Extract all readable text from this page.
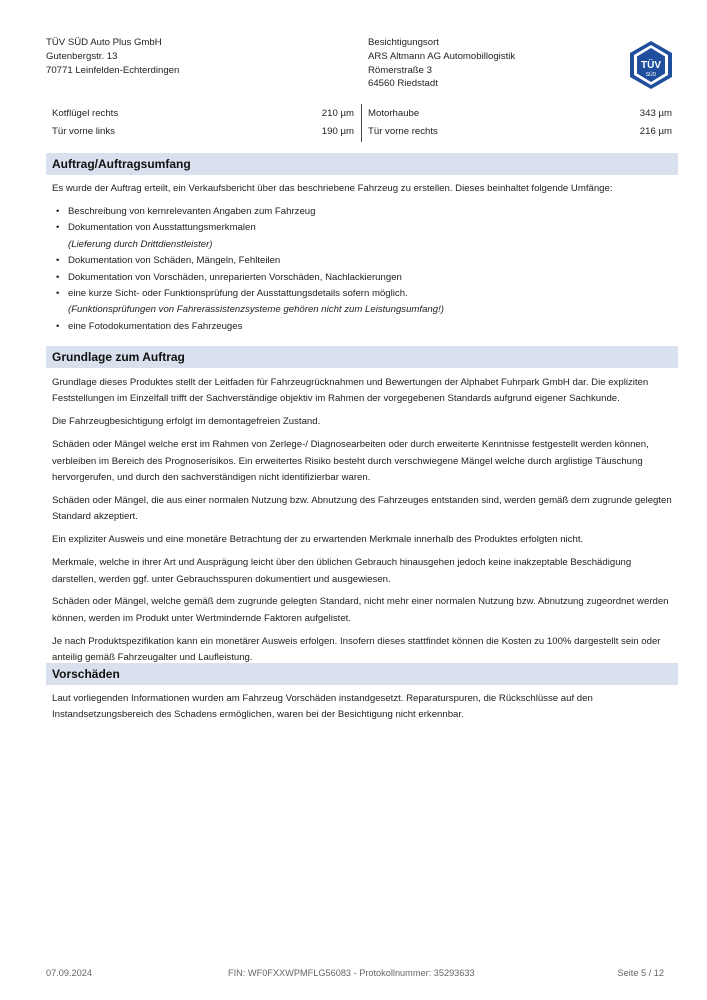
TÜV SÜD Auto Plus GmbH
Gutenbergstr. 13
70771 Leinfelden-Echterdingen
Besichtigungsort
ARS Altmann AG Automobillogistik
Römerstraße 3
64560 Riedstadt
TÜV
SÜD
Kotflügel rechts	210 µm Motorhaube	343 µm
Tür vorne links	190 µm Tür vorne rechts	216 µm
Auftrag/Auftragsumfang

Es wurde der Auftrag erteilt, ein Verkaufsbericht über das beschriebene Fahrzeug zu erstellen. Dieses beinhaltet folgende Umfänge:

• Beschreibung von kernrelevanten Angaben zum Fahrzeug
• Dokumentation von Ausstattungsmerkmalen
(Lieferung durch Drittdienstleister)
• Dokumentation von Schäden, Mängeln, Fehlteilen
• Dokumentation von Vorschäden, unreparierten Vorschäden, Nachlackierungen
• eine kurze Sicht- oder Funktionsprüfung der Ausstattungsdetails sofern möglich.
(Funktionsprüfungen von Fahrerassistenzsysteme gehören nicht zum Leistungsumfang!)
• eine Fotodokumentation des Fahrzeuges
Grundlage zum Auftrag

Grundlage dieses Produktes stellt der Leitfaden für Fahrzeugrücknahmen und Bewertungen der Alphabet Fuhrpark GmbH dar. Die expliziten Feststellungen im Einzelfall trifft der Sachverständige objektiv im Rahmen der vorgegebenen Standards aufgrund eigener Sachkunde.

Die Fahrzeugbesichtigung erfolgt im demontagefreien Zustand.

Schäden oder Mängel welche erst im Rahmen von Zerlege-/ Diagnosearbeiten oder durch erweiterte Kenntnisse festgestellt werden können, verbleiben im Bereich des Prognoserisikos. Ein erweitertes Risiko besteht durch verschwiegene Mängel welche durch arglistige Täuschung hervorgerufen, und durch den sachverständigen nicht identifizierbar waren.

Schäden oder Mängel, die aus einer normalen Nutzung bzw. Abnutzung des Fahrzeuges entstanden sind, werden gemäß dem zugrunde gelegten Standard akzeptiert.

Ein expliziter Ausweis und eine monetäre Betrachtung der zu erwartenden Merkmale innerhalb des Produktes erfolgten nicht.

Merkmale, welche in ihrer Art und Ausprägung leicht über den üblichen Gebrauch hinausgehen jedoch keine inakzeptable Beschädigung darstellen, werden ggf. unter Gebrauchsspuren dokumentiert und ausgewiesen.

Schäden oder Mängel, welche gemäß dem zugrunde gelegten Standard, nicht mehr einer normalen Nutzung bzw. Abnutzung zugeordnet werden können, werden im Produkt unter Wertmindernde Faktoren aufgelistet.

Je nach Produktspezifikation kann ein monetärer Ausweis erfolgen. Insofern dieses stattfindet können die Kosten zu 100% dargestellt sein oder anteilig gemäß Fahrzeugalter und Laufleistung.

Vorschäden

Laut vorliegenden Informationen wurden am Fahrzeug Vorschäden instandgesetzt. Reparaturspuren, die Rückschlüsse auf den Instandsetzungsbereich des Schadens ermöglichen, waren bei der Besichtigung nicht erkennbar.

07.09.2024	FIN: WF0FXXWPMFLG56083 - Protokollnummer: 35293633	Seite 5 / 12
